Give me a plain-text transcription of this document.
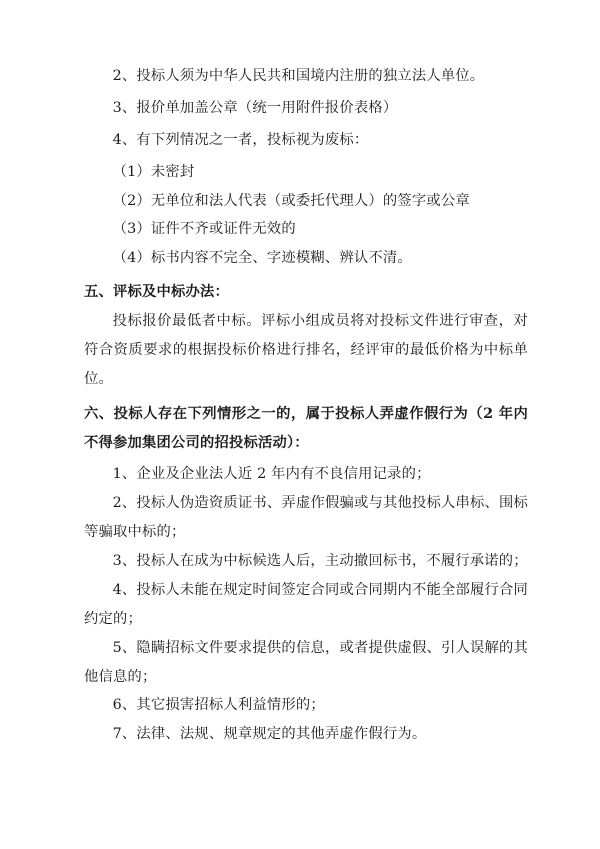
2、投标人须为中华人民共和国境内注册的独立法人单位。

3、报价单加盖公章（统一用附件报价表格）

4、有下列情况之一者，投标视为废标：

（1）未密封

（2）无单位和法人代表（或委托代理人）的签字或公章

（3）证件不齐或证件无效的

（4）标书内容不完全、字迹模糊、辨认不清。

五、评标及中标办法：

投标报价最低者中标。评标小组成员将对投标文件进行审查，对符合资质要求的根据投标价格进行排名，经评审的最低价格为中标单位。

六、投标人存在下列情形之一的，属于投标人弄虚作假行为（2 年内不得参加集团公司的招投标活动）：

1、企业及企业法人近 2 年内有不良信用记录的；

2、投标人伪造资质证书、弄虚作假骗或与其他投标人串标、围标等骗取中标的；

3、投标人在成为中标候选人后，主动撤回标书，不履行承诺的；

4、投标人未能在规定时间签定合同或合同期内不能全部履行合同约定的；

5、隐瞒招标文件要求提供的信息，或者提供虚假、引人误解的其他信息的；

6、其它损害招标人利益情形的；

7、法律、法规、规章规定的其他弄虚作假行为。
